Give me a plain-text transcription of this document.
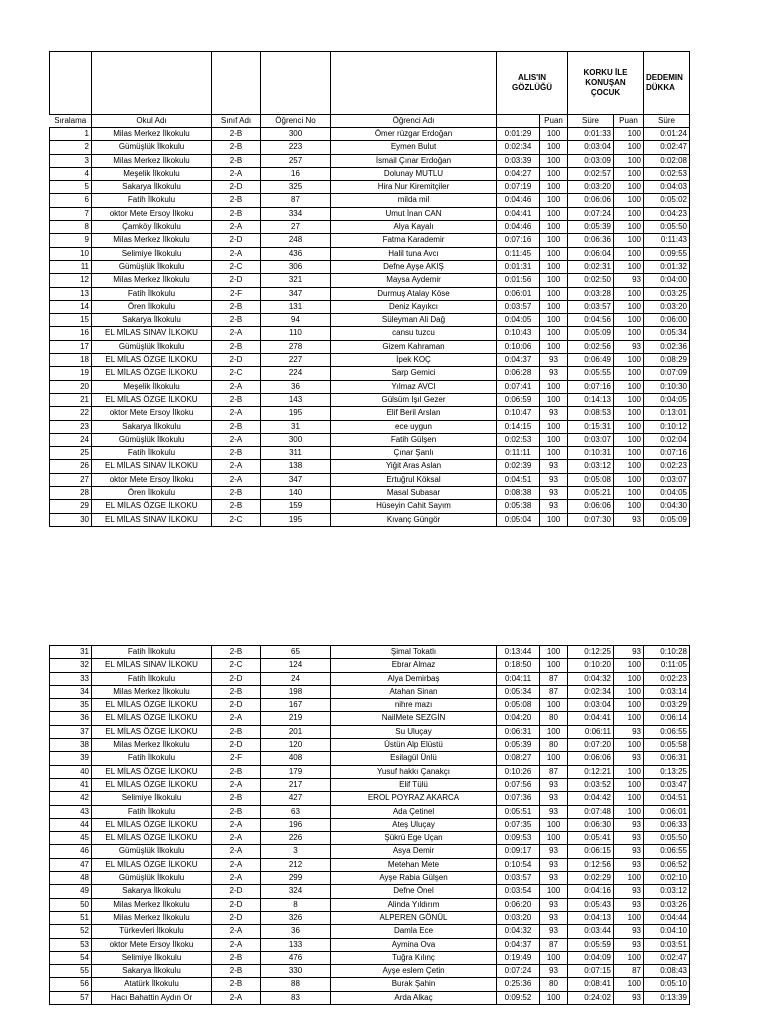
					ALIS'IN GÖZLÜĞÜ		KORKU İLE KONUŞAN ÇOCUK		DEDEMIN DÜKKA
Sıralama	Okul Adı	Sınıf Adı	Öğrenci No	Öğrenci Adı		Puan	Süre	Puan	Süre
1	Milas Merkez İlkokulu	2-B	300	Ömer rüzgar Erdoğan	0:01:29	100	0:01:33	100	0:01:24
2	Gümüşlük İlkokulu	2-B	223	Eymen Bulut	0:02:34	100	0:03:04	100	0:02:47
3	Milas Merkez İlkokulu	2-B	257	İsmail Çınar Erdoğan	0:03:39	100	0:03:09	100	0:02:08
4	Meşelik İlkokulu	2-A	16	Dolunay MUTLU	0:04:27	100	0:02:57	100	0:02:53
5	Sakarya İlkokulu	2-D	325	Hira Nur Kiremitçiler	0:07:19	100	0:03:20	100	0:04:03
6	Fatih İlkokulu	2-B	87	milda mil	0:04:46	100	0:06:06	100	0:05:02
7	oktor Mete Ersoy İlkoku	2-B	334	Umut İnan CAN	0:04:41	100	0:07:24	100	0:04:23
8	Çamköy İlkokulu	2-A	27	Alya Kayalı	0:04:46	100	0:05:39	100	0:05:50
9	Milas Merkez İlkokulu	2-D	248	Fatma Karademir	0:07:16	100	0:06:36	100	0:11:43
10	Selimiye İlkokulu	2-A	436	Halil tuna Avcı	0:11:45	100	0:06:04	100	0:09:55
11	Gümüşlük İlkokulu	2-C	306	Defne Ayşe AKIŞ	0:01:31	100	0:02:31	100	0:01:32
12	Milas Merkez İlkokulu	2-D	321	Maysa Aydemir	0:01:56	100	0:02:50	93	0:04:00
13	Fatih İlkokulu	2-F	347	Durmuş Atalay Köse	0:06:01	100	0:03:28	100	0:03:25
14	Ören İlkokulu	2-B	131	Deniz Kayıkcı	0:03:57	100	0:03:57	100	0:03:20
15	Sakarya İlkokulu	2-B	94	Süleyman Ali Dağ	0:04:05	100	0:04:56	100	0:06:00
16	EL MİLAS SINAV İLKOKU	2-A	110	cansu tuzcu	0:10:43	100	0:05:09	100	0:05:34
17	Gümüşlük İlkokulu	2-B	278	Gizem Kahraman	0:10:06	100	0:02:56	93	0:02:36
18	EL MİLAS ÖZGE İLKOKU	2-D	227	İpek KOÇ	0:04:37	93	0:06:49	100	0:08:29
19	EL MİLAS ÖZGE İLKOKU	2-C	224	Sarp Gemici	0:06:28	93	0:05:55	100	0:07:09
20	Meşelik İlkokulu	2-A	36	Yılmaz AVCI	0:07:41	100	0:07:16	100	0:10:30
21	EL MİLAS ÖZGE İLKOKU	2-B	143	Gülsüm Işıl Gezer	0:06:59	100	0:14:13	100	0:04:05
22	oktor Mete Ersoy İlkoku	2-A	195	Elif Beril Arslan	0:10:47	93	0:08:53	100	0:13:01
23	Sakarya İlkokulu	2-B	31	ece uygun	0:14:15	100	0:15:31	100	0:10:12
24	Gümüşlük İlkokulu	2-A	300	Fatih Gülşen	0:02:53	100	0:03:07	100	0:02:04
25	Fatih İlkokulu	2-B	311	Çınar Şanlı	0:11:11	100	0:10:31	100	0:07:16
26	EL MİLAS SINAV İLKOKU	2-A	138	Yiğit Aras Aslan	0:02:39	93	0:03:12	100	0:02:23
27	oktor Mete Ersoy İlkoku	2-A	347	Ertuğrul Köksal	0:04:51	93	0:05:08	100	0:03:07
28	Ören İlkokulu	2-B	140	Masal Subasar	0:08:38	93	0:05:21	100	0:04:05
29	EL MİLAS ÖZGE İLKOKU	2-B	159	Hüseyin Cahit Sayım	0:05:38	93	0:06:06	100	0:04:30
30	EL MİLAS SINAV İLKOKU	2-C	195	Kıvanç Güngör	0:05:04	100	0:07:30	93	0:05:09
31	Fatih İlkokulu	2-B	65	Şimal Tokatlı	0:13:44	100	0:12:25	93	0:10:28
32	EL MİLAS SINAV İLKOKU	2-C	124	Ebrar Almaz	0:18:50	100	0:10:20	100	0:11:05
33	Fatih İlkokulu	2-D	24	Alya Demirbaş	0:04:11	87	0:04:32	100	0:02:23
34	Milas Merkez İlkokulu	2-B	198	Atahan Sinan	0:05:34	87	0:02:34	100	0:03:14
35	EL MİLAS ÖZGE İLKOKU	2-D	167	nihre mazı	0:05:08	100	0:03:04	100	0:03:29
36	EL MİLAS ÖZGE İLKOKU	2-A	219	NailMete SEZGİN	0:04:20	80	0:04:41	100	0:06:14
37	EL MİLAS ÖZGE İLKOKU	2-B	201	Su Uluçay	0:06:31	100	0:06:11	93	0:06:55
38	Milas Merkez İlkokulu	2-D	120	Üstün Alp Elüstü	0:05:39	80	0:07:20	100	0:05:58
39	Fatih İlkokulu	2-F	408	Esilagül Ünlü	0:08:27	100	0:06:06	93	0:06:31
40	EL MİLAS ÖZGE İLKOKU	2-B	179	Yusuf hakkı Çanakçı	0:10:26	87	0:12:21	100	0:13:25
41	EL MİLAS ÖZGE İLKOKU	2-A	217	Elif Tülü	0:07:56	93	0:03:52	100	0:03:47
42	Selimiye İlkokulu	2-B	427	EROL POYRAZ AKARCA	0:07:36	93	0:04:42	100	0:04:51
43	Fatih İlkokulu	2-B	63	Ada Çetinel	0:05:51	93	0:07:48	100	0:06:01
44	EL MİLAS ÖZGE İLKOKU	2-A	196	Ateş Uluçay	0:07:35	100	0:06:30	93	0:06:33
45	EL MİLAS ÖZGE İLKOKU	2-A	226	Şükrü Ege Uçan	0:09:53	100	0:05:41	93	0:05:50
46	Gümüşlük İlkokulu	2-A	3	Asya Demir	0:09:17	93	0:06:15	93	0:06:55
47	EL MİLAS ÖZGE İLKOKU	2-A	212	Metehan Mete	0:10:54	93	0:12:56	93	0:06:52
48	Gümüşlük İlkokulu	2-A	299	Ayşe Rabia Gülşen	0:03:57	93	0:02:29	100	0:02:10
49	Sakarya İlkokulu	2-D	324	Defne Önel	0:03:54	100	0:04:16	93	0:03:12
50	Milas Merkez İlkokulu	2-D	8	Alinda Yıldırım	0:06:20	93	0:05:43	93	0:03:26
51	Milas Merkez İlkokulu	2-D	326	ALPEREN GÖNÜL	0:03:20	93	0:04:13	100	0:04:44
52	Türkevleri İlkokulu	2-A	36	Damla Ece	0:04:32	93	0:03:44	93	0:04:10
53	oktor Mete Ersoy İlkoku	2-A	133	Aymina Ova	0:04:37	87	0:05:59	93	0:03:51
54	Selimiye İlkokulu	2-B	476	Tuğra Kılınç	0:19:49	100	0:04:09	100	0:02:47
55	Sakarya İlkokulu	2-B	330	Ayşe eslem Çetin	0:07:24	93	0:07:15	87	0:08:43
56	Atatürk İlkokulu	2-B	88	Burak Şahin	0:25:36	80	0:08:41	100	0:05:10
57	Hacı Bahattin Aydın Or	2-A	83	Arda Alkaç	0:09:52	100	0:24:02	93	0:13:39
